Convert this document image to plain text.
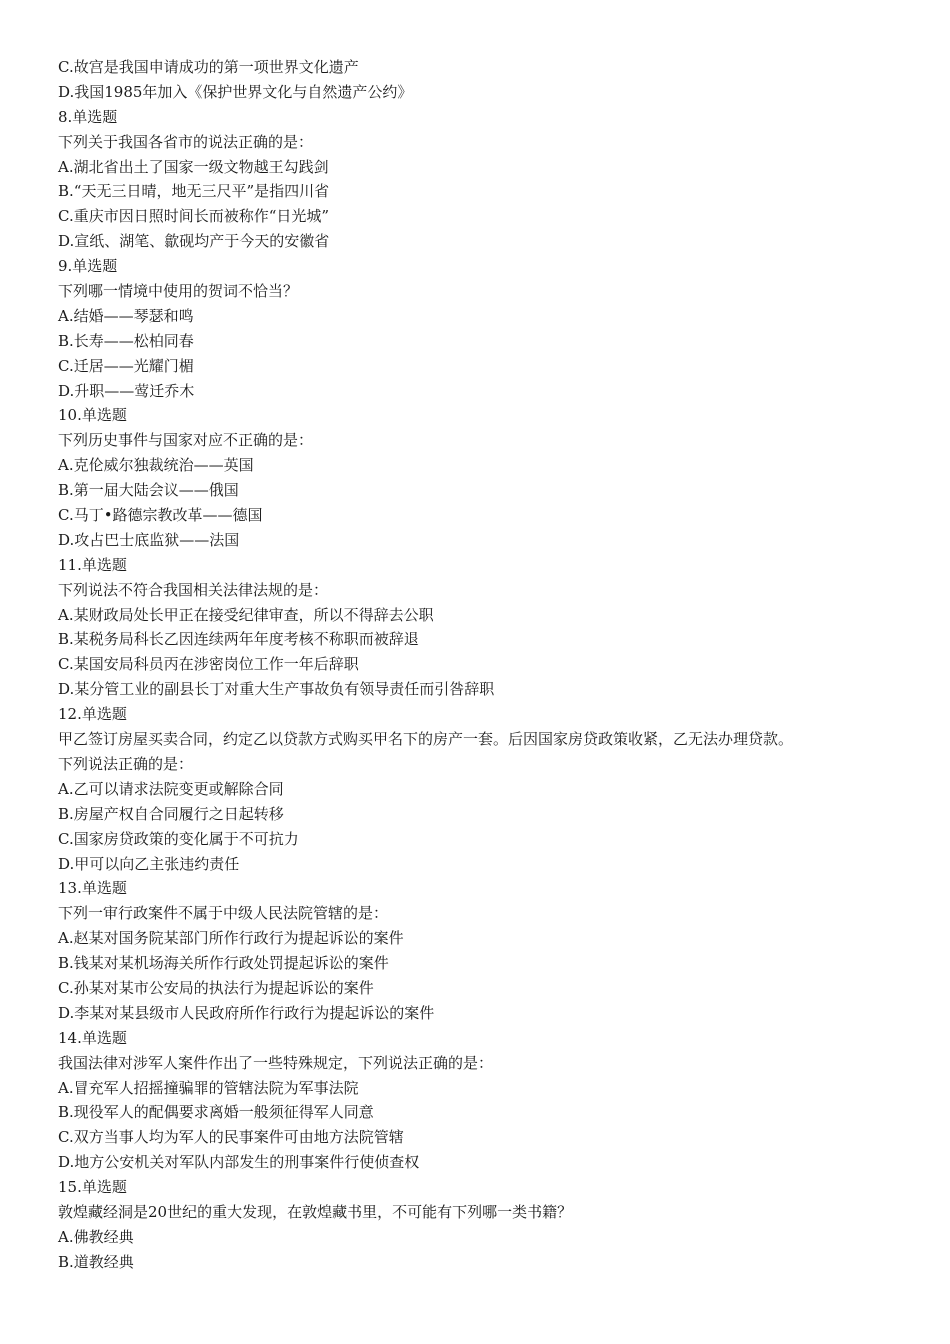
C.故宫是我国申请成功的第一项世界文化遗产
D.我国1985年加入《保护世界文化与自然遗产公约》
8.单选题
下列关于我国各省市的说法正确的是：
A.湖北省出土了国家一级文物越王勾践剑
B.“天无三日晴，地无三尺平”是指四川省
C.重庆市因日照时间长而被称作“日光城”
D.宣纸、湖笔、歙砚均产于今天的安徽省
9.单选题
下列哪一情境中使用的贺词不恰当？
A.结婚——琴瑟和鸣
B.长寿——松柏同春
C.迁居——光耀门楣
D.升职——莺迁乔木
10.单选题
下列历史事件与国家对应不正确的是：
A.克伦威尔独裁统治——英国
B.第一届大陆会议——俄国
C.马丁•路德宗教改革——德国
D.攻占巴士底监狱——法国
11.单选题
下列说法不符合我国相关法律法规的是：
A.某财政局处长甲正在接受纪律审查，所以不得辞去公职
B.某税务局科长乙因连续两年年度考核不称职而被辞退
C.某国安局科员丙在涉密岗位工作一年后辞职
D.某分管工业的副县长丁对重大生产事故负有领导责任而引咎辞职
12.单选题
甲乙签订房屋买卖合同，约定乙以贷款方式购买甲名下的房产一套。后因国家房贷政策收紧，乙无法办理贷款。
下列说法正确的是：
A.乙可以请求法院变更或解除合同
B.房屋产权自合同履行之日起转移
C.国家房贷政策的变化属于不可抗力
D.甲可以向乙主张违约责任
13.单选题
下列一审行政案件不属于中级人民法院管辖的是：
A.赵某对国务院某部门所作行政行为提起诉讼的案件
B.钱某对某机场海关所作行政处罚提起诉讼的案件
C.孙某对某市公安局的执法行为提起诉讼的案件
D.李某对某县级市人民政府所作行政行为提起诉讼的案件
14.单选题
我国法律对涉军人案件作出了一些特殊规定，下列说法正确的是：
A.冒充军人招摇撞骗罪的管辖法院为军事法院
B.现役军人的配偶要求离婚一般须征得军人同意
C.双方当事人均为军人的民事案件可由地方法院管辖
D.地方公安机关对军队内部发生的刑事案件行使侦查权
15.单选题
敦煌藏经洞是20世纪的重大发现，在敦煌藏书里，不可能有下列哪一类书籍？
A.佛教经典
B.道教经典
